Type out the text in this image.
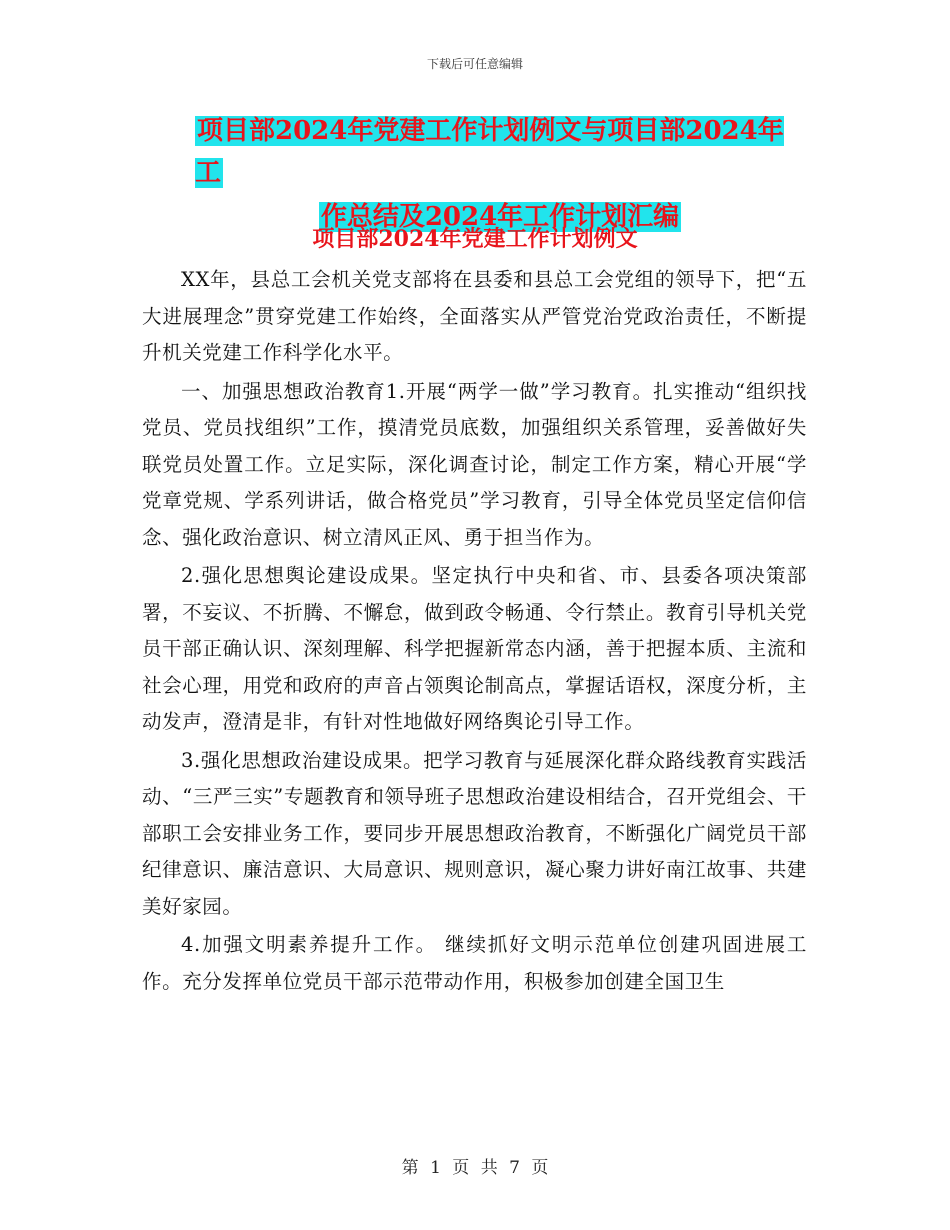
下载后可任意编辑
项目部2024年党建工作计划例文与项目部2024年工
作总结及2024年工作计划汇编
项目部2024年党建工作计划例文

XX年，县总工会机关党支部将在县委和县总工会党组的领导下，把“五大进展理念”贯穿党建工作始终，全面落实从严管党治党政治责任，不断提升机关党建工作科学化水平。

一、加强思想政治教育1.开展“两学一做”学习教育。扎实推动“组织找党员、党员找组织”工作，摸清党员底数，加强组织关系管理，妥善做好失联党员处置工作。立足实际，深化调查讨论，制定工作方案，精心开展“学党章党规、学系列讲话，做合格党员”学习教育，引导全体党员坚定信仰信念、强化政治意识、树立清风正风、勇于担当作为。

2.强化思想舆论建设成果。坚定执行中央和省、市、县委各项决策部署，不妄议、不折腾、不懈怠，做到政令畅通、令行禁止。教育引导机关党员干部正确认识、深刻理解、科学把握新常态内涵，善于把握本质、主流和社会心理，用党和政府的声音占领舆论制高点，掌握话语权，深度分析，主动发声，澄清是非，有针对性地做好网络舆论引导工作。

3.强化思想政治建设成果。把学习教育与延展深化群众路线教育实践活动、“三严三实”专题教育和领导班子思想政治建设相结合，召开党组会、干部职工会安排业务工作，要同步开展思想政治教育，不断强化广阔党员干部纪律意识、廉洁意识、大局意识、规则意识，凝心聚力讲好南江故事、共建美好家园。

4.加强文明素养提升工作。 继续抓好文明示范单位创建巩固进展工作。充分发挥单位党员干部示范带动作用，积极参加创建全国卫生

第 1 页 共 7 页
